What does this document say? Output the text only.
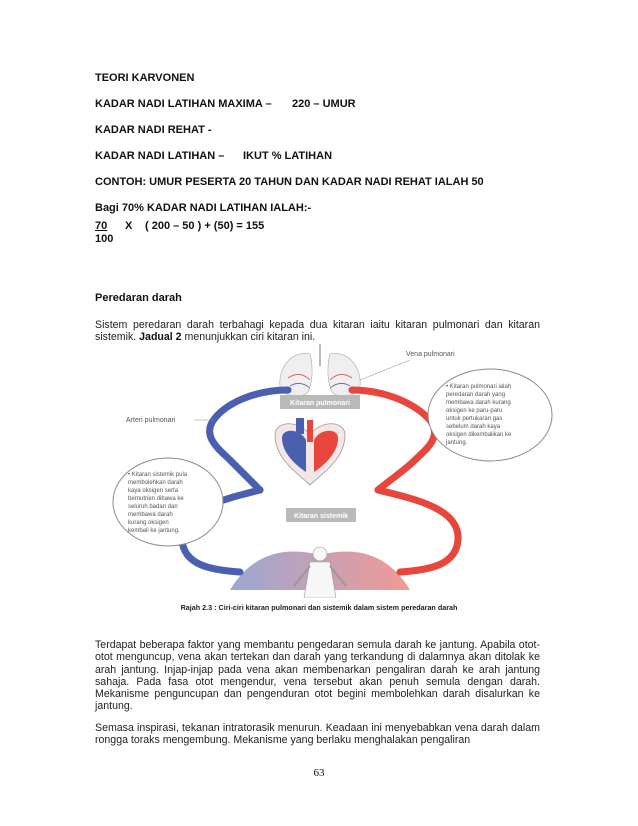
TEORI KARVONEN
KADAR NADI LATIHAN MAXIMA – 220 – UMUR
KADAR NADI REHAT -
KADAR NADI LATIHAN – IKUT % LATIHAN
CONTOH: UMUR PESERTA 20 TAHUN DAN KADAR NADI REHAT IALAH 50
Bagi 70% KADAR NADI LATIHAN IALAH:-
70 X ( 200 – 50 ) + (50) = 155
100
Peredaran darah
Sistem peredaran darah terbahagi kepada dua kitaran iaitu kitaran pulmonari dan kitaran sistemik. Jadual 2 menunjukkan ciri kitaran ini.
Vena pulmonari
Arteri pulmonari
Kitaran pulmonari
Kitaran sistemik
• Kitaran pulmonari ialah
peredaran darah yang
membawa darah kurang
oksigen ke paru-paru
untuk pertukaran gas
sebelum darah kaya
oksigen dikembalikan ke
jantung.
• Kitaran sistemik pula
membolehkan darah
kaya oksigen serta
bernutrien dibawa ke
seluruh badan dan
membawa darah
kurang oksigen
kembali ke jantung.
Rajah 2.3 : Ciri-ciri kitaran pulmonari dan sistemik dalam sistem peredaran darah
Terdapat beberapa faktor yang membantu pengedaran semula darah ke jantung. Apabila otot-otot menguncup, vena akan tertekan dan darah yang terkandung di dalamnya akan ditolak ke arah jantung. Injap-injap pada vena akan membenarkan pengaliran darah ke arah jantung sahaja. Pada fasa otot mengendur, vena tersebut akan penuh semula dengan darah. Mekanisme penguncupan dan pengenduran otot begini membolehkan darah disalurkan ke jantung.
Semasa inspirasi, tekanan intratorasik menurun. Keadaan ini menyebabkan vena darah dalam rongga toraks mengembung. Mekanisme yang berlaku menghalakan pengaliran
63
